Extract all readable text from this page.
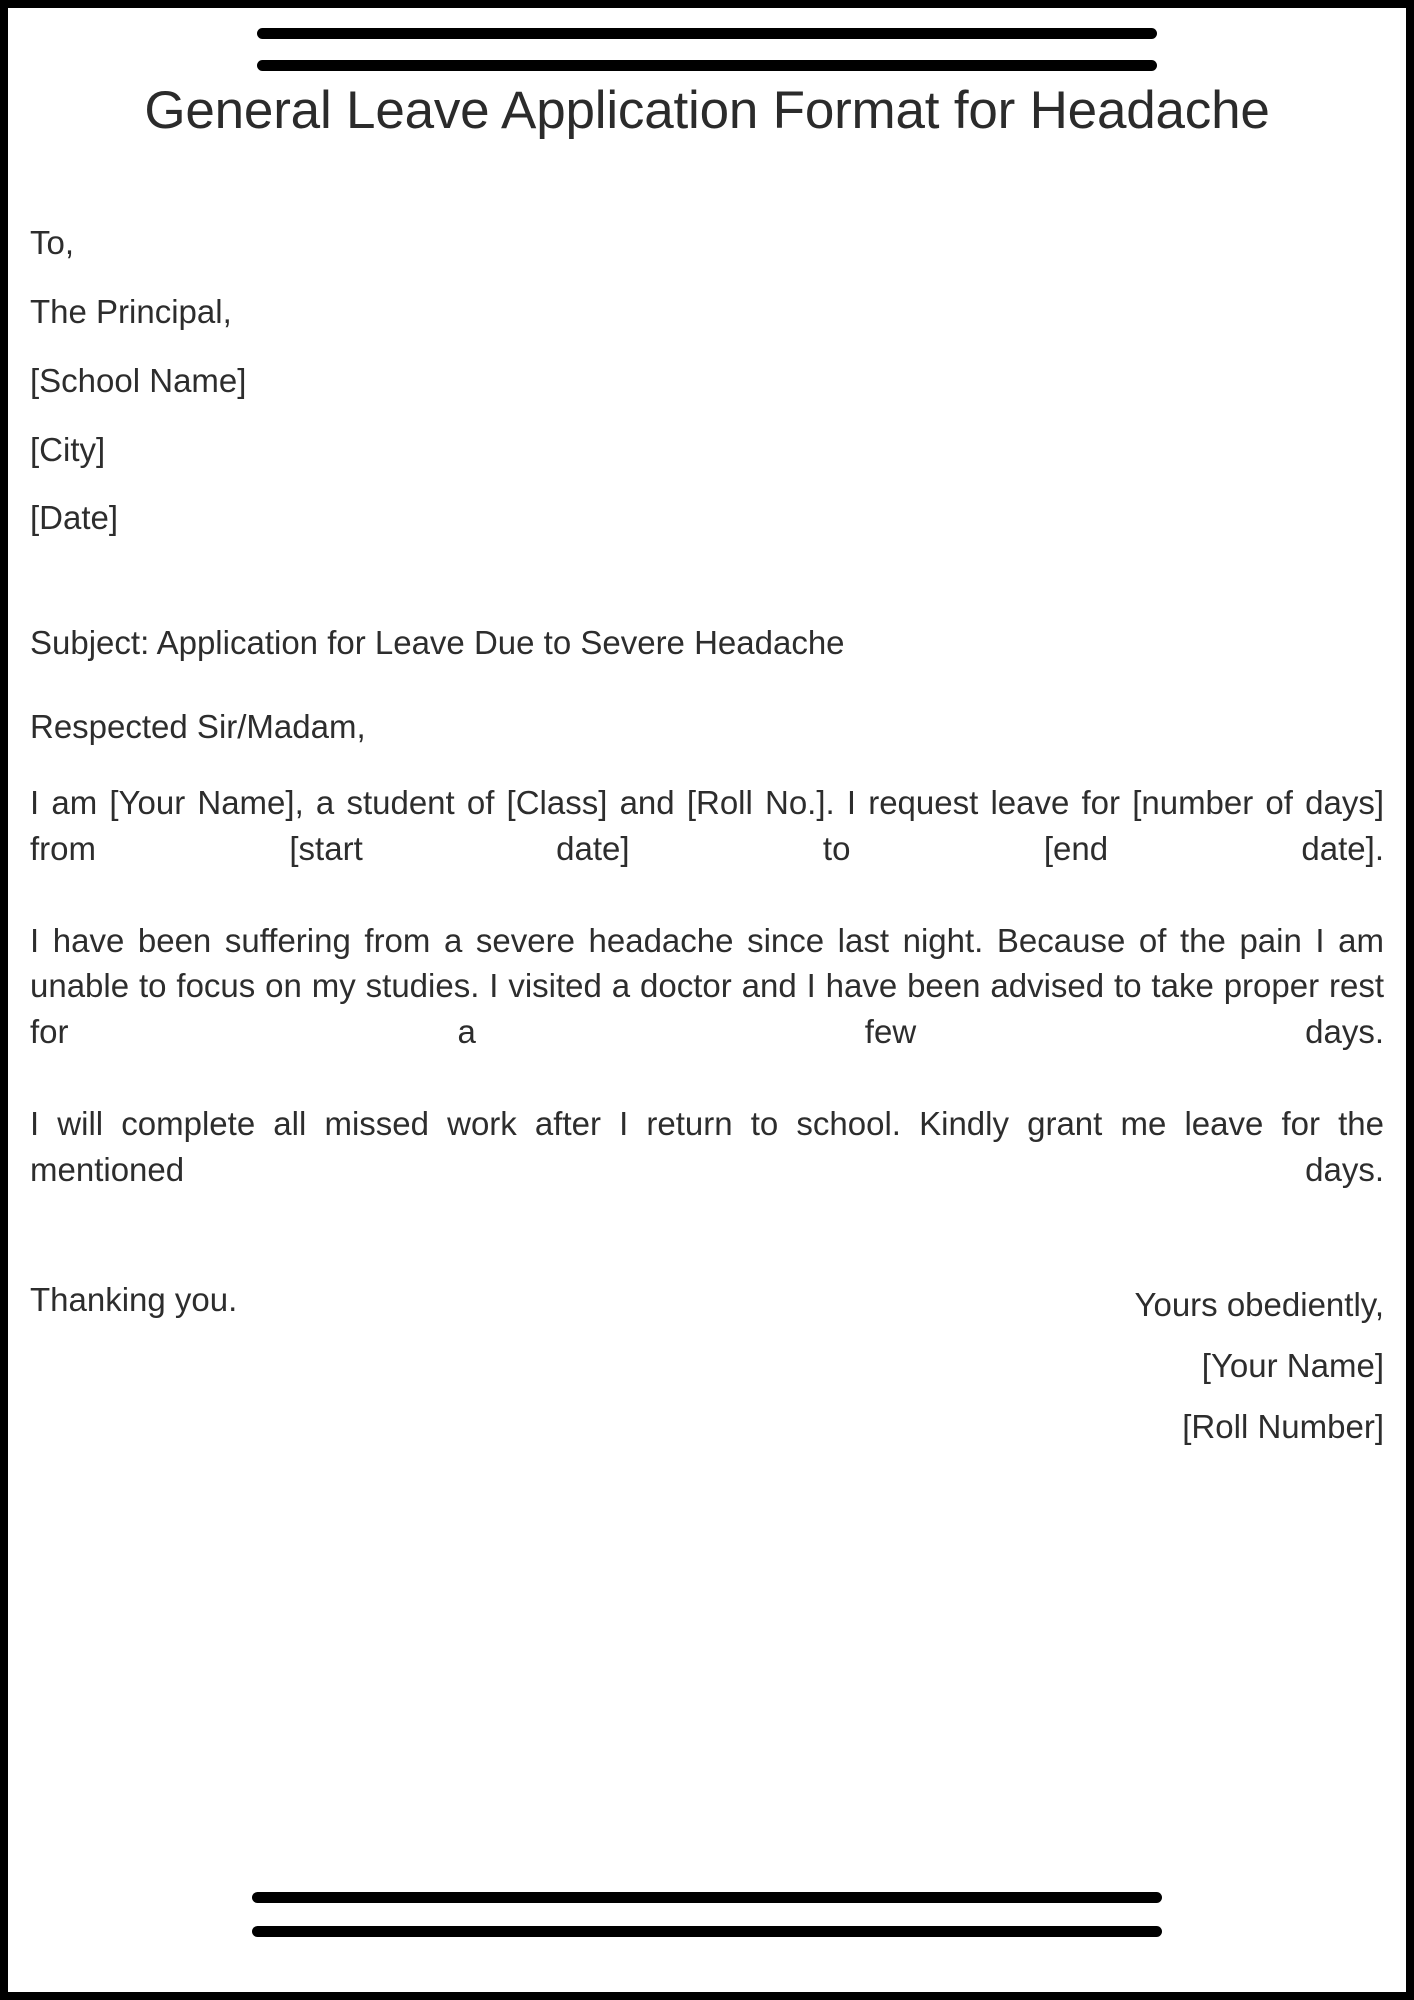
General Leave Application Format for Headache
To,
The Principal,
[School Name]
[City]
[Date]
Subject: Application for Leave Due to Severe Headache
Respected Sir/Madam,
I am [Your Name], a student of [Class] and [Roll No.]. I request leave for [number of days] from [start date] to [end date].
I have been suffering from a severe headache since last night. Because of the pain I am unable to focus on my studies. I visited a doctor and I have been advised to take proper rest for a few days.
I will complete all missed work after I return to school. Kindly grant me leave for the mentioned days.
Thanking you.	Yours obediently,
[Your Name]
[Roll Number]
